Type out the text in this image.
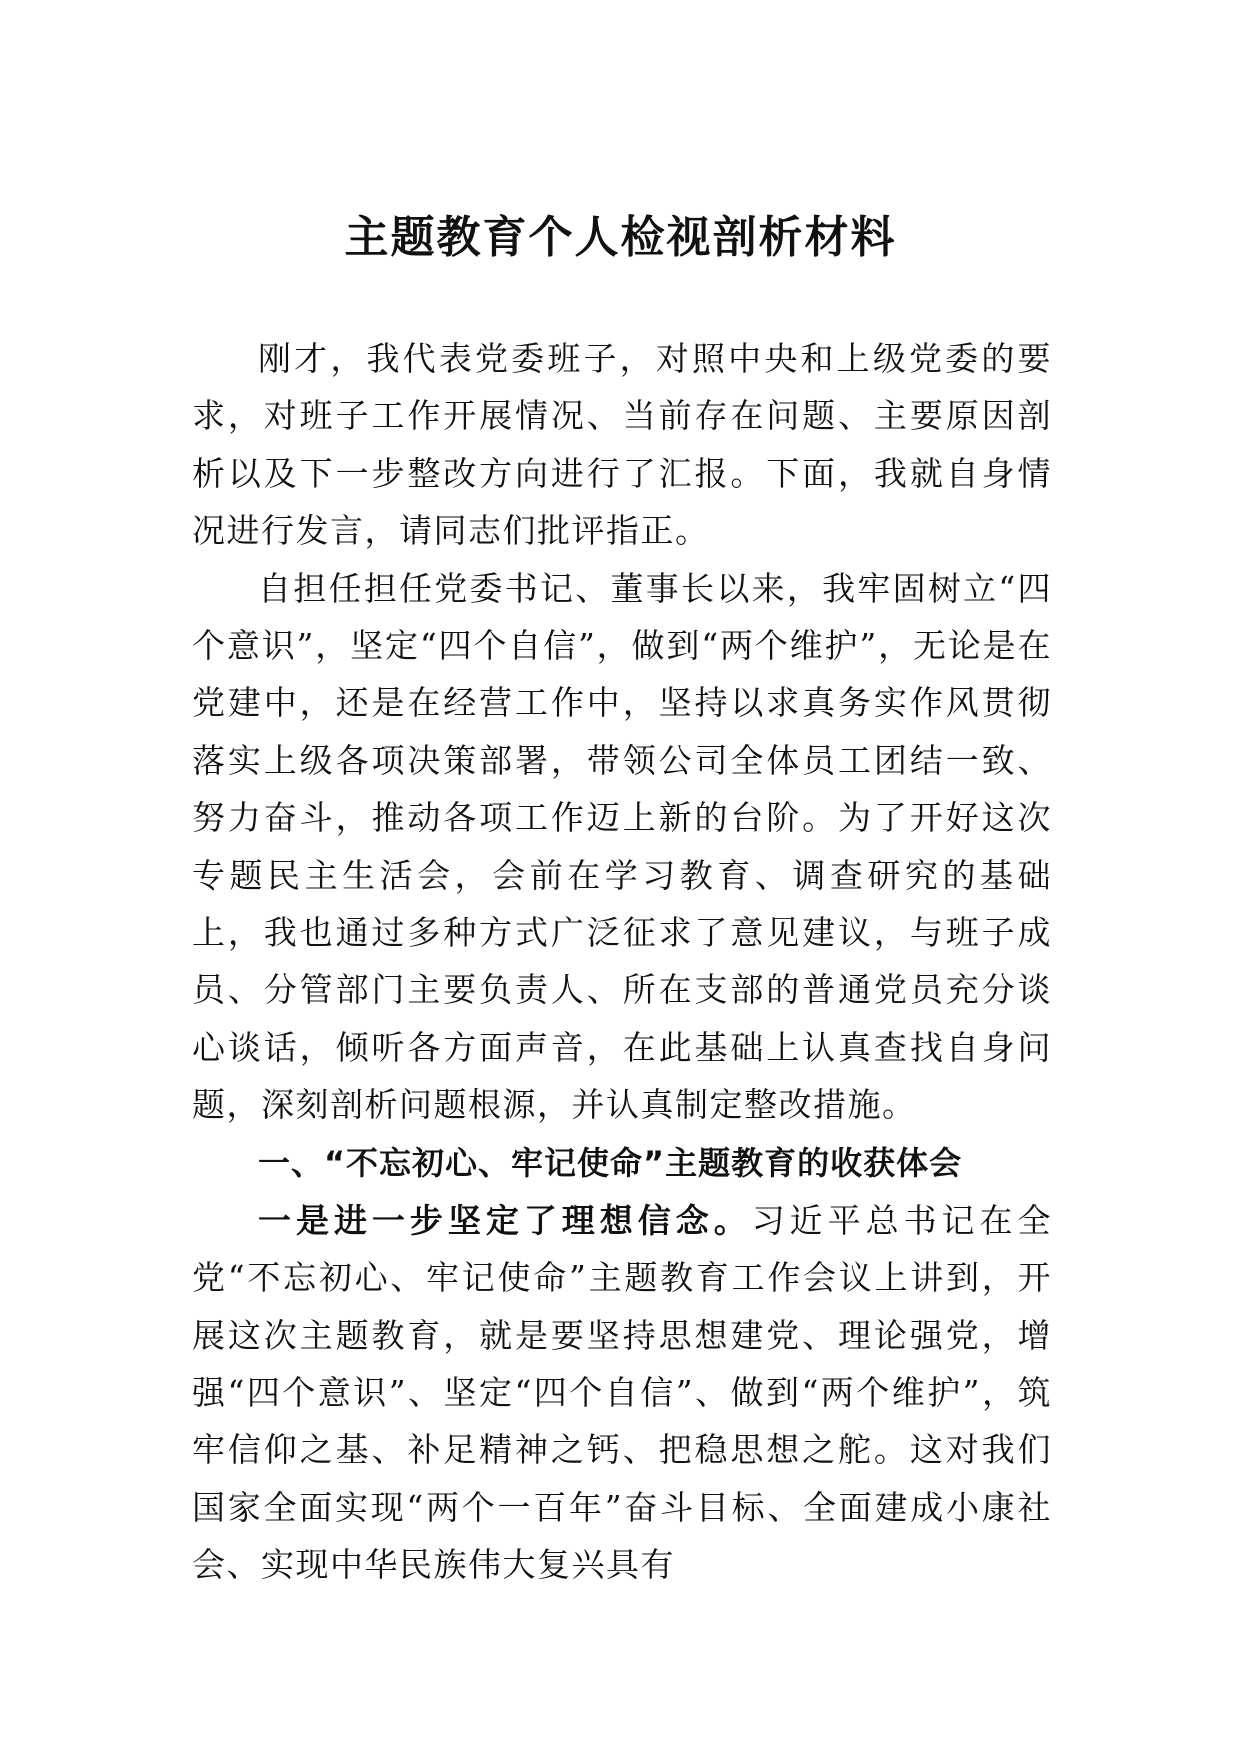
主题教育个人检视剖析材料

刚才，我代表党委班子，对照中央和上级党委的要求，对班子工作开展情况、当前存在问题、主要原因剖析以及下一步整改方向进行了汇报。下面，我就自身情况进行发言，请同志们批评指正。

自担任担任党委书记、董事长以来，我牢固树立“四个意识”，坚定“四个自信”，做到“两个维护”，无论是在党建中，还是在经营工作中，坚持以求真务实作风贯彻落实上级各项决策部署，带领公司全体员工团结一致、努力奋斗，推动各项工作迈上新的台阶。为了开好这次专题民主生活会，会前在学习教育、调查研究的基础上，我也通过多种方式广泛征求了意见建议，与班子成员、分管部门主要负责人、所在支部的普通党员充分谈心谈话，倾听各方面声音，在此基础上认真查找自身问题，深刻剖析问题根源，并认真制定整改措施。

一、“不忘初心、牢记使命”主题教育的收获体会

一是进一步坚定了理想信念。习近平总书记在全党“不忘初心、牢记使命”主题教育工作会议上讲到，开展这次主题教育，就是要坚持思想建党、理论强党，增强“四个意识”、坚定“四个自信”、做到“两个维护”，筑牢信仰之基、补足精神之钙、把稳思想之舵。这对我们国家全面实现“两个一百年”奋斗目标、全面建成小康社会、实现中华民族伟大复兴具有
